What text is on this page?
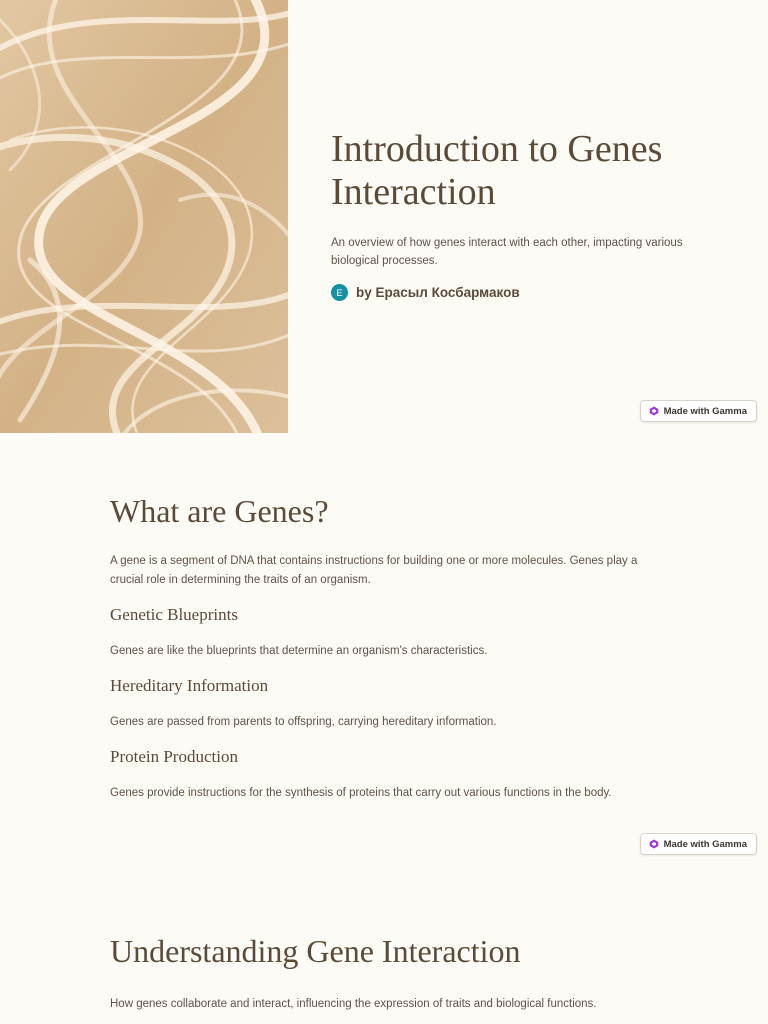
Introduction to Genes Interaction

An overview of how genes interact with each other, impacting various biological processes.

E by Ерасыл Косбармаков
Made with Gamma
What are Genes?

A gene is a segment of DNA that contains instructions for building one or more molecules. Genes play a crucial role in determining the traits of an organism.

Genetic Blueprints

Genes are like the blueprints that determine an organism's characteristics.

Hereditary Information

Genes are passed from parents to offspring, carrying hereditary information.

Protein Production

Genes provide instructions for the synthesis of proteins that carry out various functions in the body.

Made with Gamma
Understanding Gene Interaction

How genes collaborate and interact, influencing the expression of traits and biological functions.
